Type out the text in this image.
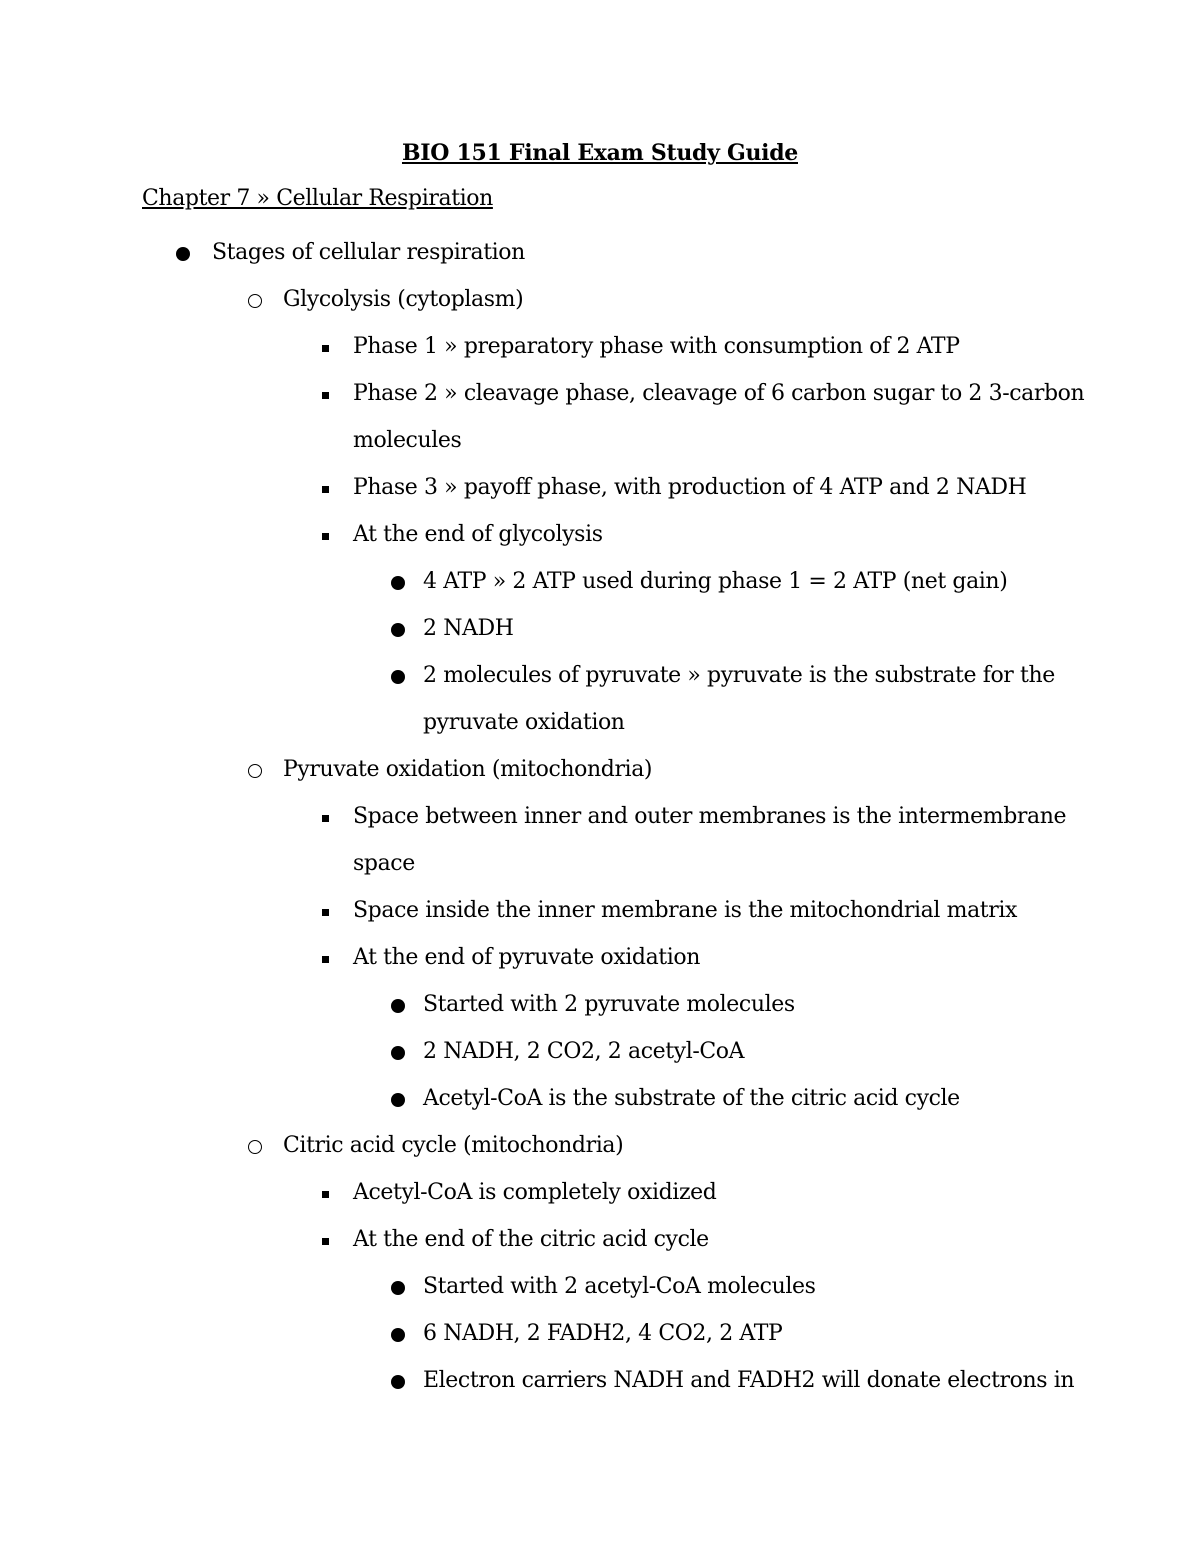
BIO 151 Final Exam Study Guide
Chapter 7 » Cellular Respiration
Stages of cellular respiration
Glycolysis (cytoplasm)
Phase 1 » preparatory phase with consumption of 2 ATP
Phase 2 » cleavage phase, cleavage of 6 carbon sugar to 2 3-carbon
molecules
Phase 3 » payoff phase, with production of 4 ATP and 2 NADH
At the end of glycolysis
4 ATP » 2 ATP used during phase 1 = 2 ATP (net gain)
2 NADH
2 molecules of pyruvate » pyruvate is the substrate for the
pyruvate oxidation
Pyruvate oxidation (mitochondria)
Space between inner and outer membranes is the intermembrane
space
Space inside the inner membrane is the mitochondrial matrix
At the end of pyruvate oxidation
Started with 2 pyruvate molecules
2 NADH, 2 CO2, 2 acetyl-CoA
Acetyl-CoA is the substrate of the citric acid cycle
Citric acid cycle (mitochondria)
Acetyl-CoA is completely oxidized
At the end of the citric acid cycle
Started with 2 acetyl-CoA molecules
6 NADH, 2 FADH2, 4 CO2, 2 ATP
Electron carriers NADH and FADH2 will donate electrons in
